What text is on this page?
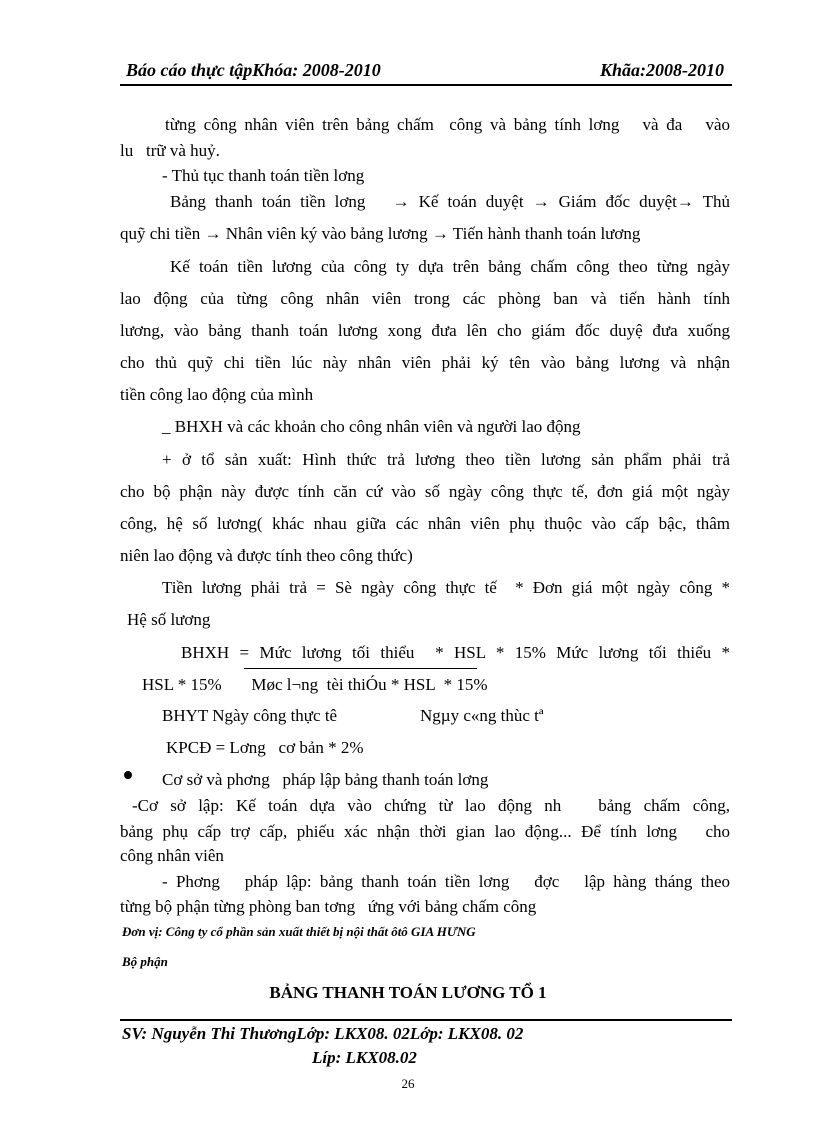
Báo cáo thực tậpKhóa: 2008-2010	Khãa:2008-2010
từng công nhân viên trên bảng chấm  công và bảng tính lơng   và đa   vào
lu   trữ và huỷ.
- Thủ tục thanh toán tiền lơng
Bảng thanh toán tiền lơng   → Kế toán duyệt → Giám đốc duyệt→ Thủ
quỹ chi tiền → Nhân viên ký vào bảng lương → Tiến hành thanh toán lương
Kế toán tiền lương của công ty dựa trên bảng chấm công theo từng ngày
lao động của từng công nhân viên trong các phòng ban và tiến hành tính
lương, vào bảng thanh toán lương xong đưa lên cho giám đốc duyệ đưa xuống
cho thủ quỹ chi tiền lúc này nhân viên phải ký tên vào bảng lương và nhận
tiền công lao động của mình
_ BHXH và các khoản cho công nhân viên và người lao động
+ ở tổ sản xuất: Hình thức trả lương theo tiền lương sản phẩm phải trả
cho bộ phận này được tính căn cứ vào số ngày công thực tế, đơn giá một ngày
công, hệ số lương( khác nhau giữa các nhân viên phụ thuộc vào cấp bậc, thâm
niên lao động và được tính theo công thức)
Tiền lương phải trả = Sè ngày công thực tế  * Đơn giá một ngày công *
Hệ số lương
BHXH = Mức lương tối thiểu  * HSL * 15% Mức lương tối thiểu *
HSL * 15%       Møc l¬ng  tèi thiÓu * HSL  * 15%
BHYT Ngày công thực tê	Ngµy c«ng thùc tª
KPCĐ = Lơng   cơ bản * 2%
Cơ sở và phơng   pháp lập bảng thanh toán lơng
-Cơ sở lập: Kế toán dựa vào chứng từ lao động nh   bảng chấm công,
bảng phụ cấp trợ cấp, phiếu xác nhận thời gian lao động... Để tính lơng   cho
công nhân viên
- Phơng   pháp lập: bảng thanh toán tiền lơng   đợc   lập hàng tháng theo
từng bộ phận từng phòng ban tơng   ứng với bảng chấm công
Đơn vị: Công ty cổ phần sản xuất thiết bị nội thất ôtô GIA HƯNG
Bộ phận
BẢNG THANH TOÁN LƯƠNG TỔ 1
SV: Nguyễn Thi ThươngLớp: LKX08. 02Lớp: LKX08. 02
Líp: LKX08.02
26
